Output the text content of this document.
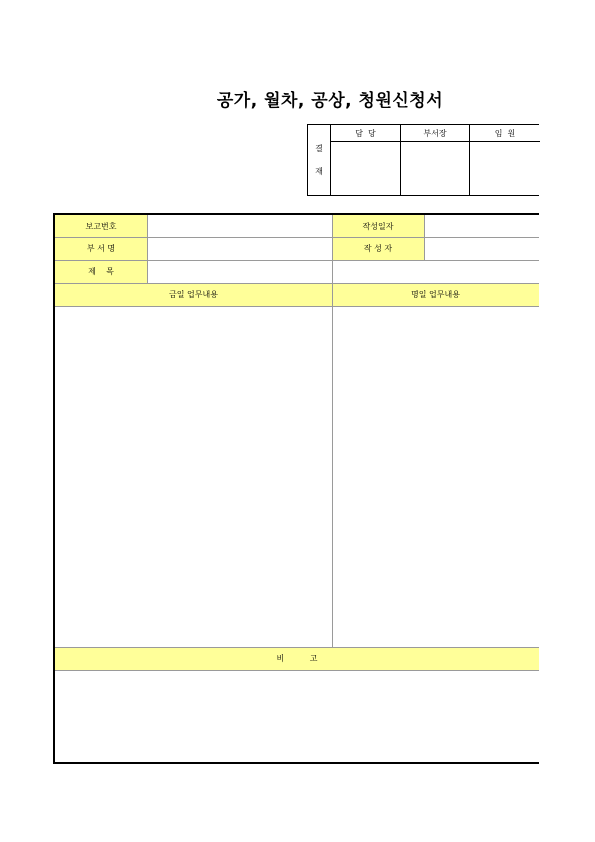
공가, 월차, 공상, 청원신청서
결
재
담  당	부서장	임  원
보고번호	작성일자
부 서 명	작 성 자
제    목
금일 업무내용	명일 업무내용
비          고
